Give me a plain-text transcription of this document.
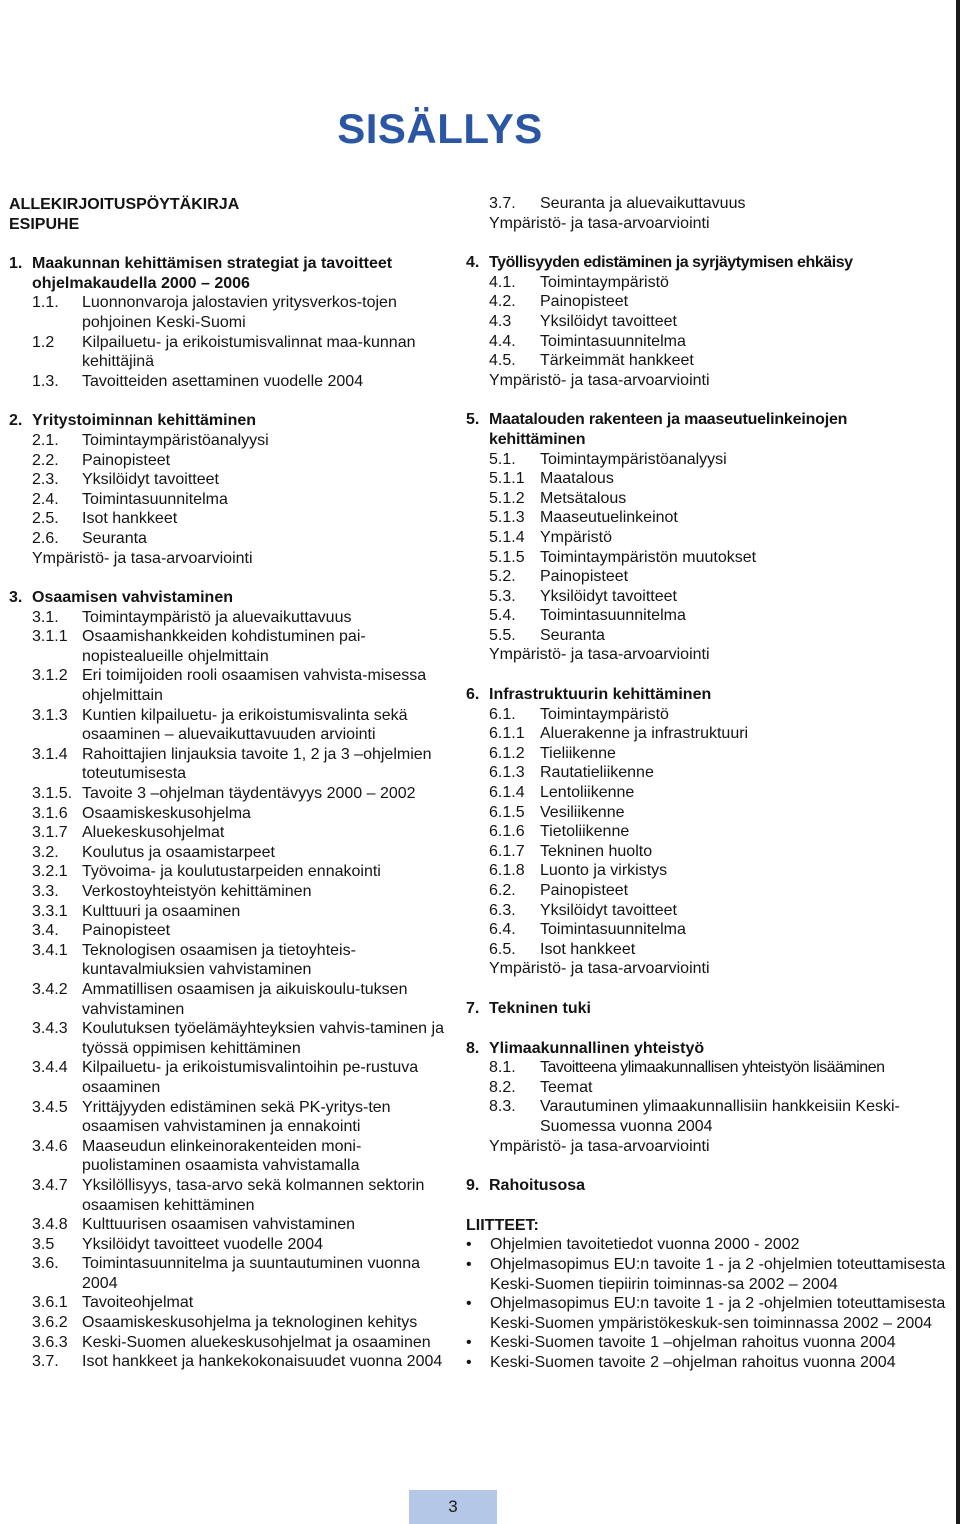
SISÄLLYS
ALLEKIRJOITUSPÖYTÄKIRJA
ESIPUHE
1. Maakunnan kehittämisen strategiat ja tavoitteet ohjelmakaudella 2000 – 2006
1.1.	Luonnonvaroja jalostavien yritysverkos-tojen pohjoinen Keski-Suomi
1.2	Kilpailuetu- ja erikoistumisvalinnat maa-kunnan kehittäjinä
1.3.	Tavoitteiden asettaminen vuodelle 2004
2. Yritystoiminnan kehittäminen
2.1.	Toimintaympäristöanalyysi
2.2.	Painopisteet
2.3.	Yksilöidyt tavoitteet
2.4.	Toimintasuunnitelma
2.5.	Isot hankkeet
2.6.	Seuranta
Ympäristö- ja tasa-arvoarviointi
3. Osaamisen vahvistaminen
3.1.	Toimintaympäristö ja aluevaikuttavuus
3.1.1 Osaamishankkeiden kohdistuminen pai-nopistealueille ohjelmittain
3.1.2 Eri toimijoiden rooli osaamisen vahvista-misessa ohjelmittain
3.1.3 Kuntien kilpailuetu- ja erikoistumisvalinta sekä osaaminen – aluevaikuttavuuden arviointi
3.1.4 Rahoittajien linjauksia tavoite 1, 2 ja 3 –ohjelmien toteutumisesta
3.1.5. Tavoite 3 –ohjelman täydentävyys 2000 – 2002
3.1.6 Osaamiskeskusohjelma
3.1.7 Aluekeskusohjelmat
3.2.	Koulutus ja osaamistarpeet
3.2.1 Työvoima- ja koulutustarpeiden ennakointi
3.3.	Verkostoyhteistyön kehittäminen
3.3.1 Kulttuuri ja osaaminen
3.4.	Painopisteet
3.4.1 Teknologisen osaamisen ja tietoyhteis-kuntavalmiuksien vahvistaminen
3.4.2 Ammatillisen osaamisen ja aikuiskoulu-tuksen vahvistaminen
3.4.3 Koulutuksen työelämäyhteyksien vahvis-taminen ja työssä oppimisen kehittäminen
3.4.4 Kilpailuetu- ja erikoistumisvalintoihin pe-rustuva osaaminen
3.4.5 Yrittäjyyden edistäminen sekä PK-yritys-ten osaamisen vahvistaminen ja ennakointi
3.4.6 Maaseudun elinkeinorakenteiden moni-puolistaminen osaamista vahvistamalla
3.4.7 Yksilöllisyys, tasa-arvo sekä kolmannen sektorin osaamisen kehittäminen
3.4.8 Kulttuurisen osaamisen vahvistaminen
3.5	Yksilöidyt tavoitteet vuodelle 2004
3.6.	Toimintasuunnitelma ja suuntautuminen vuonna 2004
3.6.1 Tavoiteohjelmat
3.6.2 Osaamiskeskusohjelma ja teknologinen kehitys
3.6.3 Keski-Suomen aluekeskusohjelmat ja osaaminen
3.7.	Isot hankkeet ja hankekokonaisuudet vuonna 2004
3.7.	Seuranta ja aluevaikuttavuus
Ympäristö- ja tasa-arvoarviointi
4. Työllisyyden edistäminen ja syrjäytymisen ehkäisy
4.1.	Toimintaympäristö
4.2.	Painopisteet
4.3	Yksilöidyt tavoitteet
4.4.	Toimintasuunnitelma
4.5.	Tärkeimmät hankkeet
Ympäristö- ja tasa-arvoarviointi
5. Maatalouden rakenteen ja maaseutuelinkeinojen kehittäminen
5.1.	Toimintaympäristöanalyysi
5.1.1 Maatalous
5.1.2 Metsätalous
5.1.3 Maaseutuelinkeinot
5.1.4 Ympäristö
5.1.5 Toimintaympäristön muutokset
5.2.	Painopisteet
5.3.	Yksilöidyt tavoitteet
5.4.	Toimintasuunnitelma
5.5.	Seuranta
Ympäristö- ja tasa-arvoarviointi
6. Infrastruktuurin kehittäminen
6.1.	Toimintaympäristö
6.1.1 Aluerakenne ja infrastruktuuri
6.1.2 Tieliikenne
6.1.3 Rautatieliikenne
6.1.4 Lentoliikenne
6.1.5 Vesiliikenne
6.1.6 Tietoliikenne
6.1.7 Tekninen huolto
6.1.8 Luonto ja virkistys
6.2.	Painopisteet
6.3.	Yksilöidyt tavoitteet
6.4.	Toimintasuunnitelma
6.5.	Isot hankkeet
Ympäristö- ja tasa-arvoarviointi
7. Tekninen tuki
8. Ylimaakunnallinen yhteistyö
8.1.	Tavoitteena ylimaakunnallisen yhteistyön lisääminen
8.2.	Teemat
8.3.	Varautuminen ylimaakunnallisiin hankkeisiin Keski-Suomessa vuonna 2004
Ympäristö- ja tasa-arvoarviointi
9. Rahoitusosa
LIITTEET:
•	Ohjelmien tavoitetiedot vuonna 2000 - 2002
•	Ohjelmasopimus EU:n tavoite 1 - ja 2 -ohjelmien toteuttamisesta Keski-Suomen tiepiirin toiminnas-sa 2002 – 2004
•	Ohjelmasopimus EU:n tavoite 1 - ja 2 -ohjelmien toteuttamisesta Keski-Suomen ympäristökeskuk-sen toiminnassa 2002 – 2004
•	Keski-Suomen tavoite 1 –ohjelman rahoitus vuonna 2004
•	Keski-Suomen tavoite 2 –ohjelman rahoitus vuonna 2004
3
